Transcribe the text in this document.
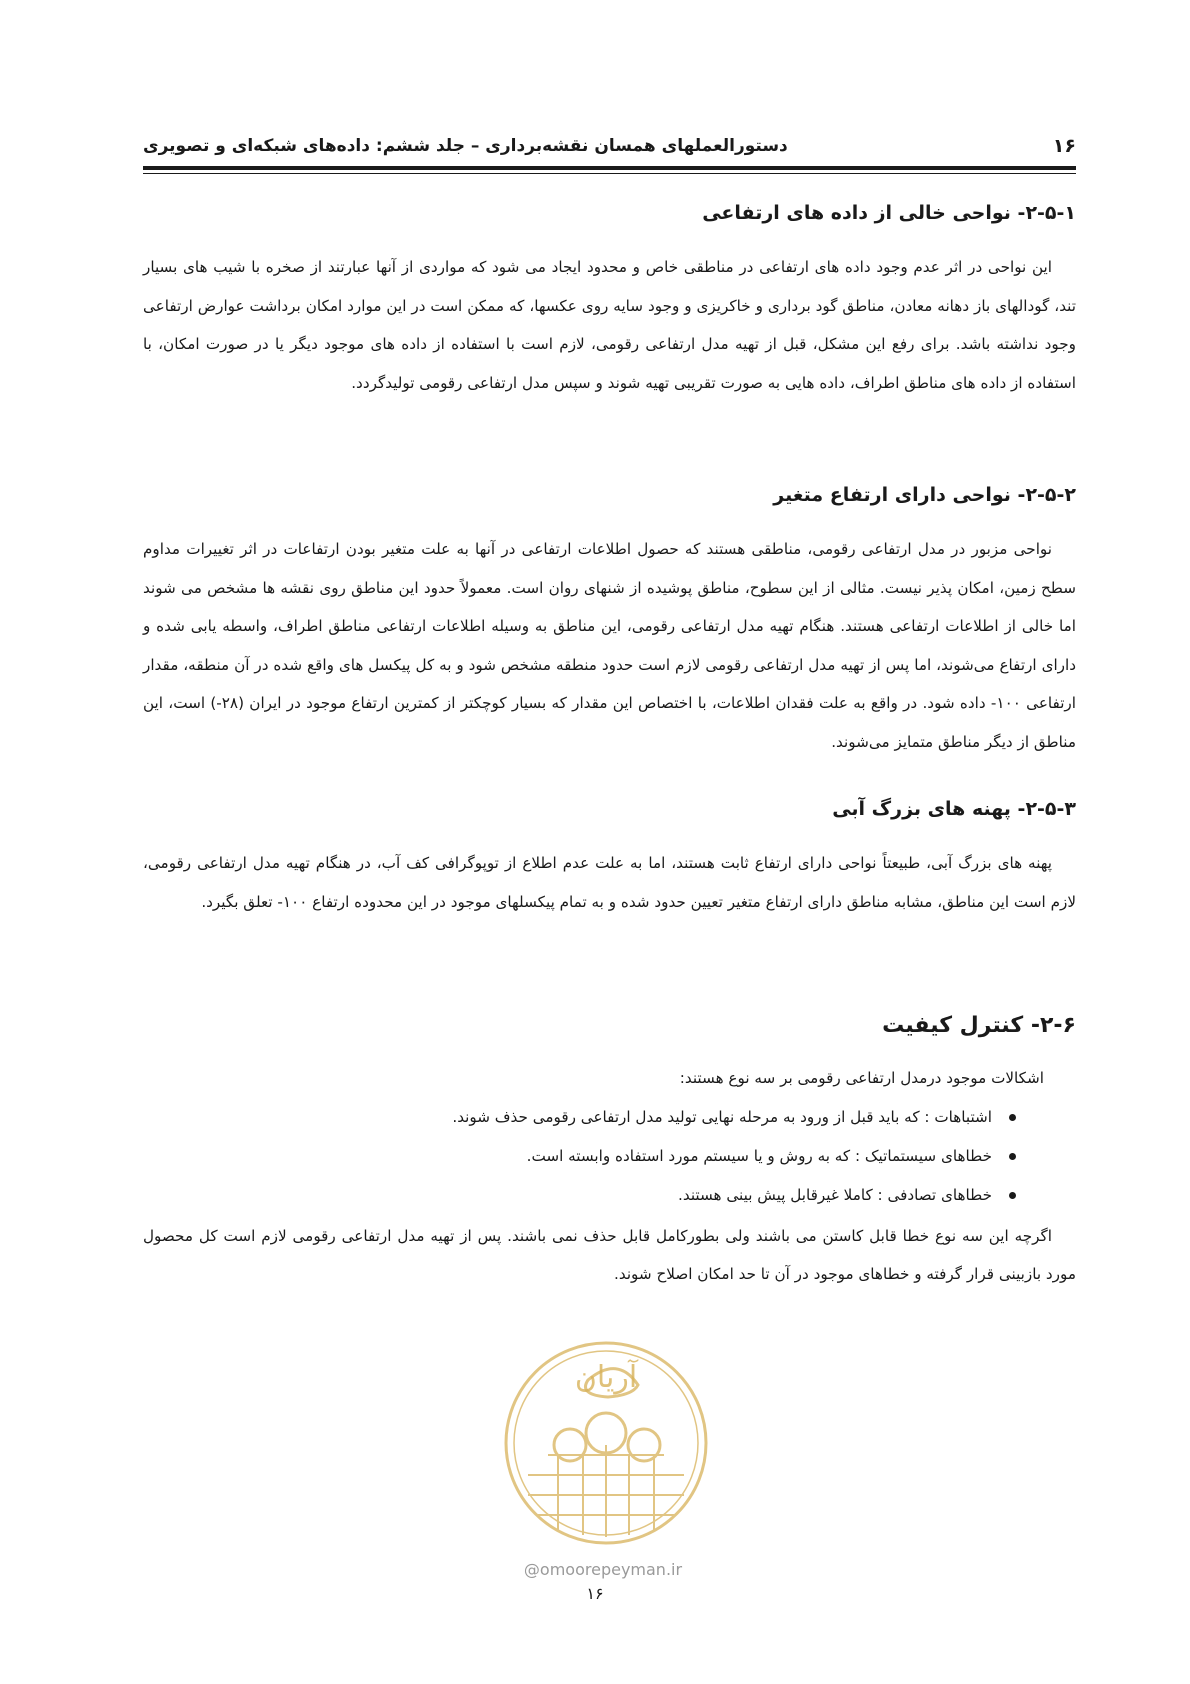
۱۶
دستورالعملهای همسان نقشه‌برداری – جلد ششم: داده‌های شبکه‌ای و تصویری
۲-۵-۱- نواحی خالی از داده های ارتفاعی

این نواحی در اثر عدم وجود داده های ارتفاعی در مناطقی خاص و محدود ایجاد می شود که مواردی از آنها عبارتند از صخره با شیب های بسیار تند، گودالهای باز دهانه معادن، مناطق گود برداری و خاکریزی و وجود سایه روی عکسها، که ممکن است در این موارد امکان برداشت عوارض ارتفاعی وجود نداشته باشد. برای رفع این مشکل، قبل از تهیه مدل ارتفاعی رقومی، لازم است با استفاده از داده های موجود دیگر یا در صورت امکان، با استفاده از داده های مناطق اطراف، داده هایی به صورت تقریبی تهیه شوند و سپس مدل ارتفاعی رقومی تولیدگردد.

۲-۵-۲- نواحی دارای ارتفاع متغیر

نواحی مزبور در مدل ارتفاعی رقومی، مناطقی هستند که حصول اطلاعات ارتفاعی در آنها به علت متغیر بودن ارتفاعات در اثر تغییرات مداوم سطح زمین، امکان پذیر نیست. مثالی از این سطوح، مناطق پوشیده از شنهای روان است. معمولاً حدود این مناطق روی نقشه ها مشخص می شوند اما خالی از اطلاعات ارتفاعی هستند. هنگام تهیه مدل ارتفاعی رقومی، این مناطق به وسیله اطلاعات ارتفاعی مناطق اطراف، واسطه یابی شده و دارای ارتفاع می‌شوند، اما پس از تهیه مدل ارتفاعی رقومی لازم است حدود منطقه مشخص شود و به کل پیکسل های واقع شده در آن منطقه، مقدار ارتفاعی ۱۰۰- داده شود. در واقع به علت فقدان اطلاعات، با اختصاص این مقدار که بسیار کوچکتر از کمترین ارتفاع موجود در ایران (۲۸-) است، این مناطق از دیگر مناطق متمایز می‌شوند.

۲-۵-۳- پهنه های بزرگ آبی

پهنه های بزرگ آبی، طبیعتاً نواحی دارای ارتفاع ثابت هستند، اما به علت عدم اطلاع از توپوگرافی کف آب، در هنگام تهیه مدل ارتفاعی رقومی، لازم است این مناطق، مشابه مناطق دارای ارتفاع متغیر تعیین حدود شده و به تمام پیکسلهای موجود در این محدوده ارتفاع ۱۰۰- تعلق بگیرد.

۲-۶- کنترل کیفیت

اشکالات موجود درمدل ارتفاعی رقومی بر سه نوع هستند:

اشتباهات : که باید قبل از ورود به مرحله نهایی تولید مدل ارتفاعی رقومی حذف شوند.
خطاهای سیستماتیک : که به روش و یا سیستم مورد استفاده وابسته است.
خطاهای تصادفی : کاملا غیرقابل پیش بینی هستند.

اگرچه این سه نوع خطا قابل کاستن می باشند ولی بطورکامل قابل حذف نمی باشند. پس از تهیه مدل ارتفاعی رقومی لازم است کل محصول مورد بازبینی قرار گرفته و خطاهای موجود در آن تا حد امکان اصلاح شوند.

آریان
@omoorepeyman.ir
۱۶
